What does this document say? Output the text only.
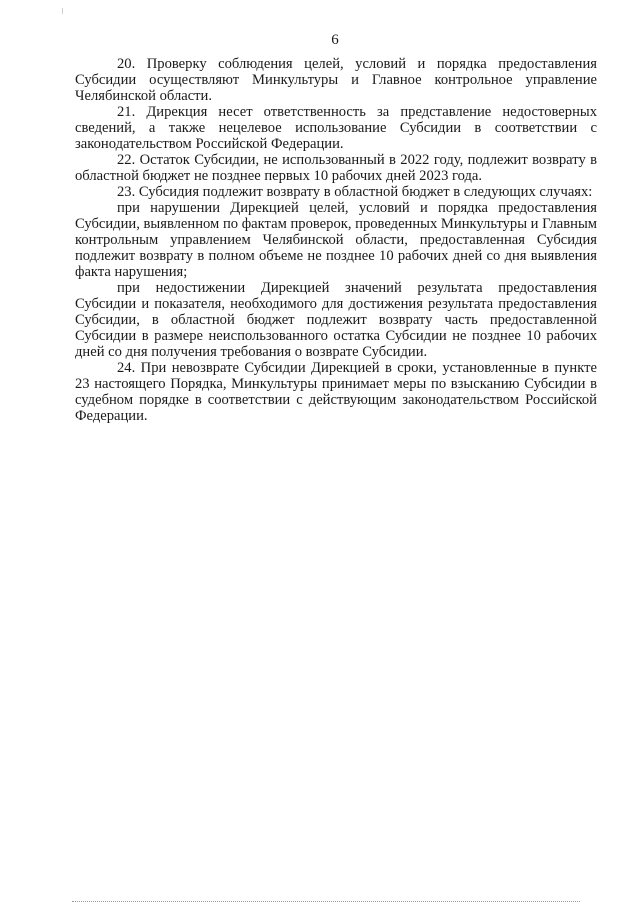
6

20. Проверку соблюдения целей, условий и порядка предоставления Субсидии осуществляют Минкультуры и Главное контрольное управление Челябинской области.

21. Дирекция несет ответственность за представление недостоверных сведений, а также нецелевое использование Субсидии в соответствии с законодательством Российской Федерации.

22. Остаток Субсидии, не использованный в 2022 году, подлежит возврату в областной бюджет не позднее первых 10 рабочих дней 2023 года.

23. Субсидия подлежит возврату в областной бюджет в следующих случаях:

при нарушении Дирекцией целей, условий и порядка предоставления Субсидии, выявленном по фактам проверок, проведенных Минкультуры и Главным контрольным управлением Челябинской области, предоставленная Субсидия подлежит возврату в полном объеме не позднее 10 рабочих дней со дня выявления факта нарушения;

при недостижении Дирекцией значений результата предоставления Субсидии и показателя, необходимого для достижения результата предоставления Субсидии, в областной бюджет подлежит возврату часть предоставленной Субсидии в размере неиспользованного остатка Субсидии не позднее 10 рабочих дней со дня получения требования о возврате Субсидии.

24. При невозврате Субсидии Дирекцией в сроки, установленные в пункте 23 настоящего Порядка, Минкультуры принимает меры по взысканию Субсидии в судебном порядке в соответствии с действующим законодательством Российской Федерации.
